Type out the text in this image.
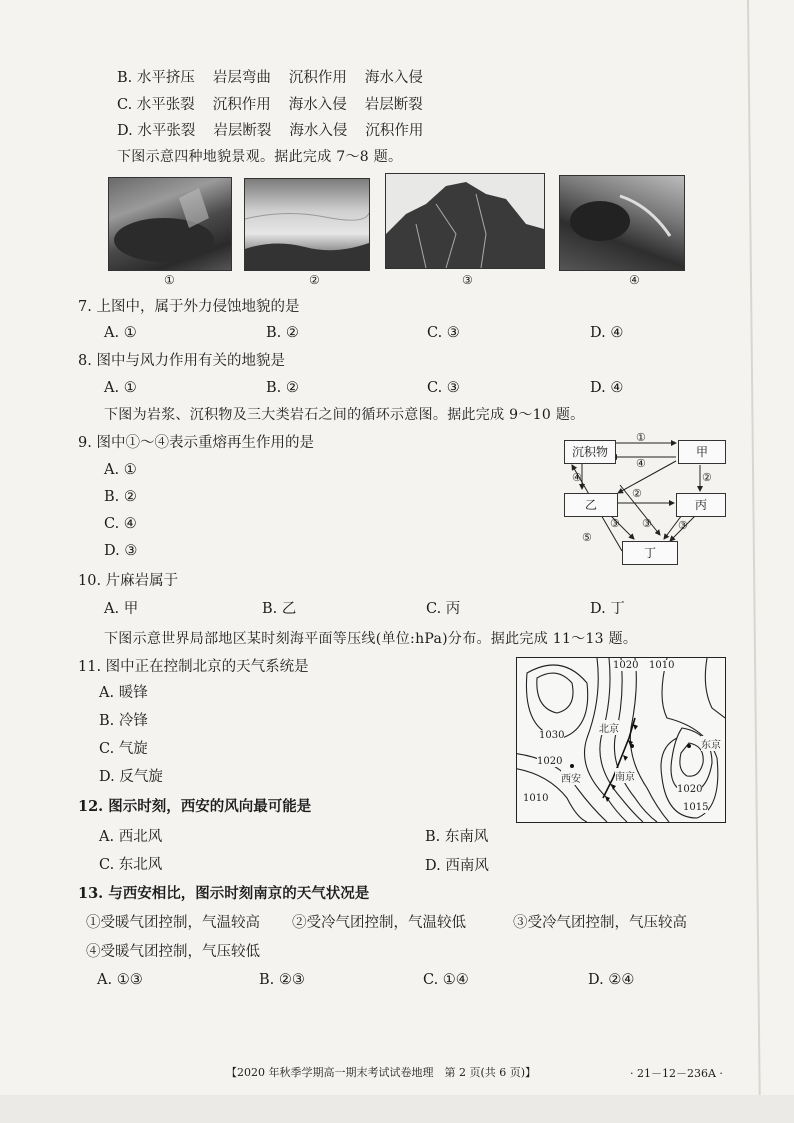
B. 水平挤压 岩层弯曲 沉积作用 海水入侵
C. 水平张裂 沉积作用 海水入侵 岩层断裂
D. 水平张裂 岩层断裂 海水入侵 沉积作用
下图示意四种地貌景观。据此完成 7～8 题。
①	②	③	④
7. 上图中，属于外力侵蚀地貌的是
A. ①	B. ②	C. ③	D. ④
8. 图中与风力作用有关的地貌是
A. ①	B. ②	C. ③	D. ④
下图为岩浆、沉积物及三大类岩石之间的循环示意图。据此完成 9～10 题。
9. 图中①～④表示重熔再生作用的是
A. ①
B. ②
C. ④
D. ③
沉积物	甲
乙	丙
丁
①
④
④	②
②
③ ③ ③
⑤
10. 片麻岩属于
A. 甲	B. 乙	C. 丙	D. 丁
下图示意世界局部地区某时刻海平面等压线(单位:hPa)分布。据此完成 11～13 题。
11. 图中正在控制北京的天气系统是
A. 暖锋
B. 冷锋
C. 气旋
D. 反气旋
1020 1010
1030
1020
1010
1020
1015
北京
西安	南京
东京
12. 图示时刻，西安的风向最可能是
A. 西北风	B. 东南风
C. 东北风	D. 西南风
13. 与西安相比，图示时刻南京的天气状况是
①受暖气团控制，气温较高 ②受冷气团控制，气温较低	③受冷气团控制，气压较高
④受暖气团控制，气压较低
A. ①③	B. ②③	C. ①④	D. ②④
【2020 年秋季学期高一期末考试试卷地理　第 2 页(共 6 页)】	· 21－12－236A ·
